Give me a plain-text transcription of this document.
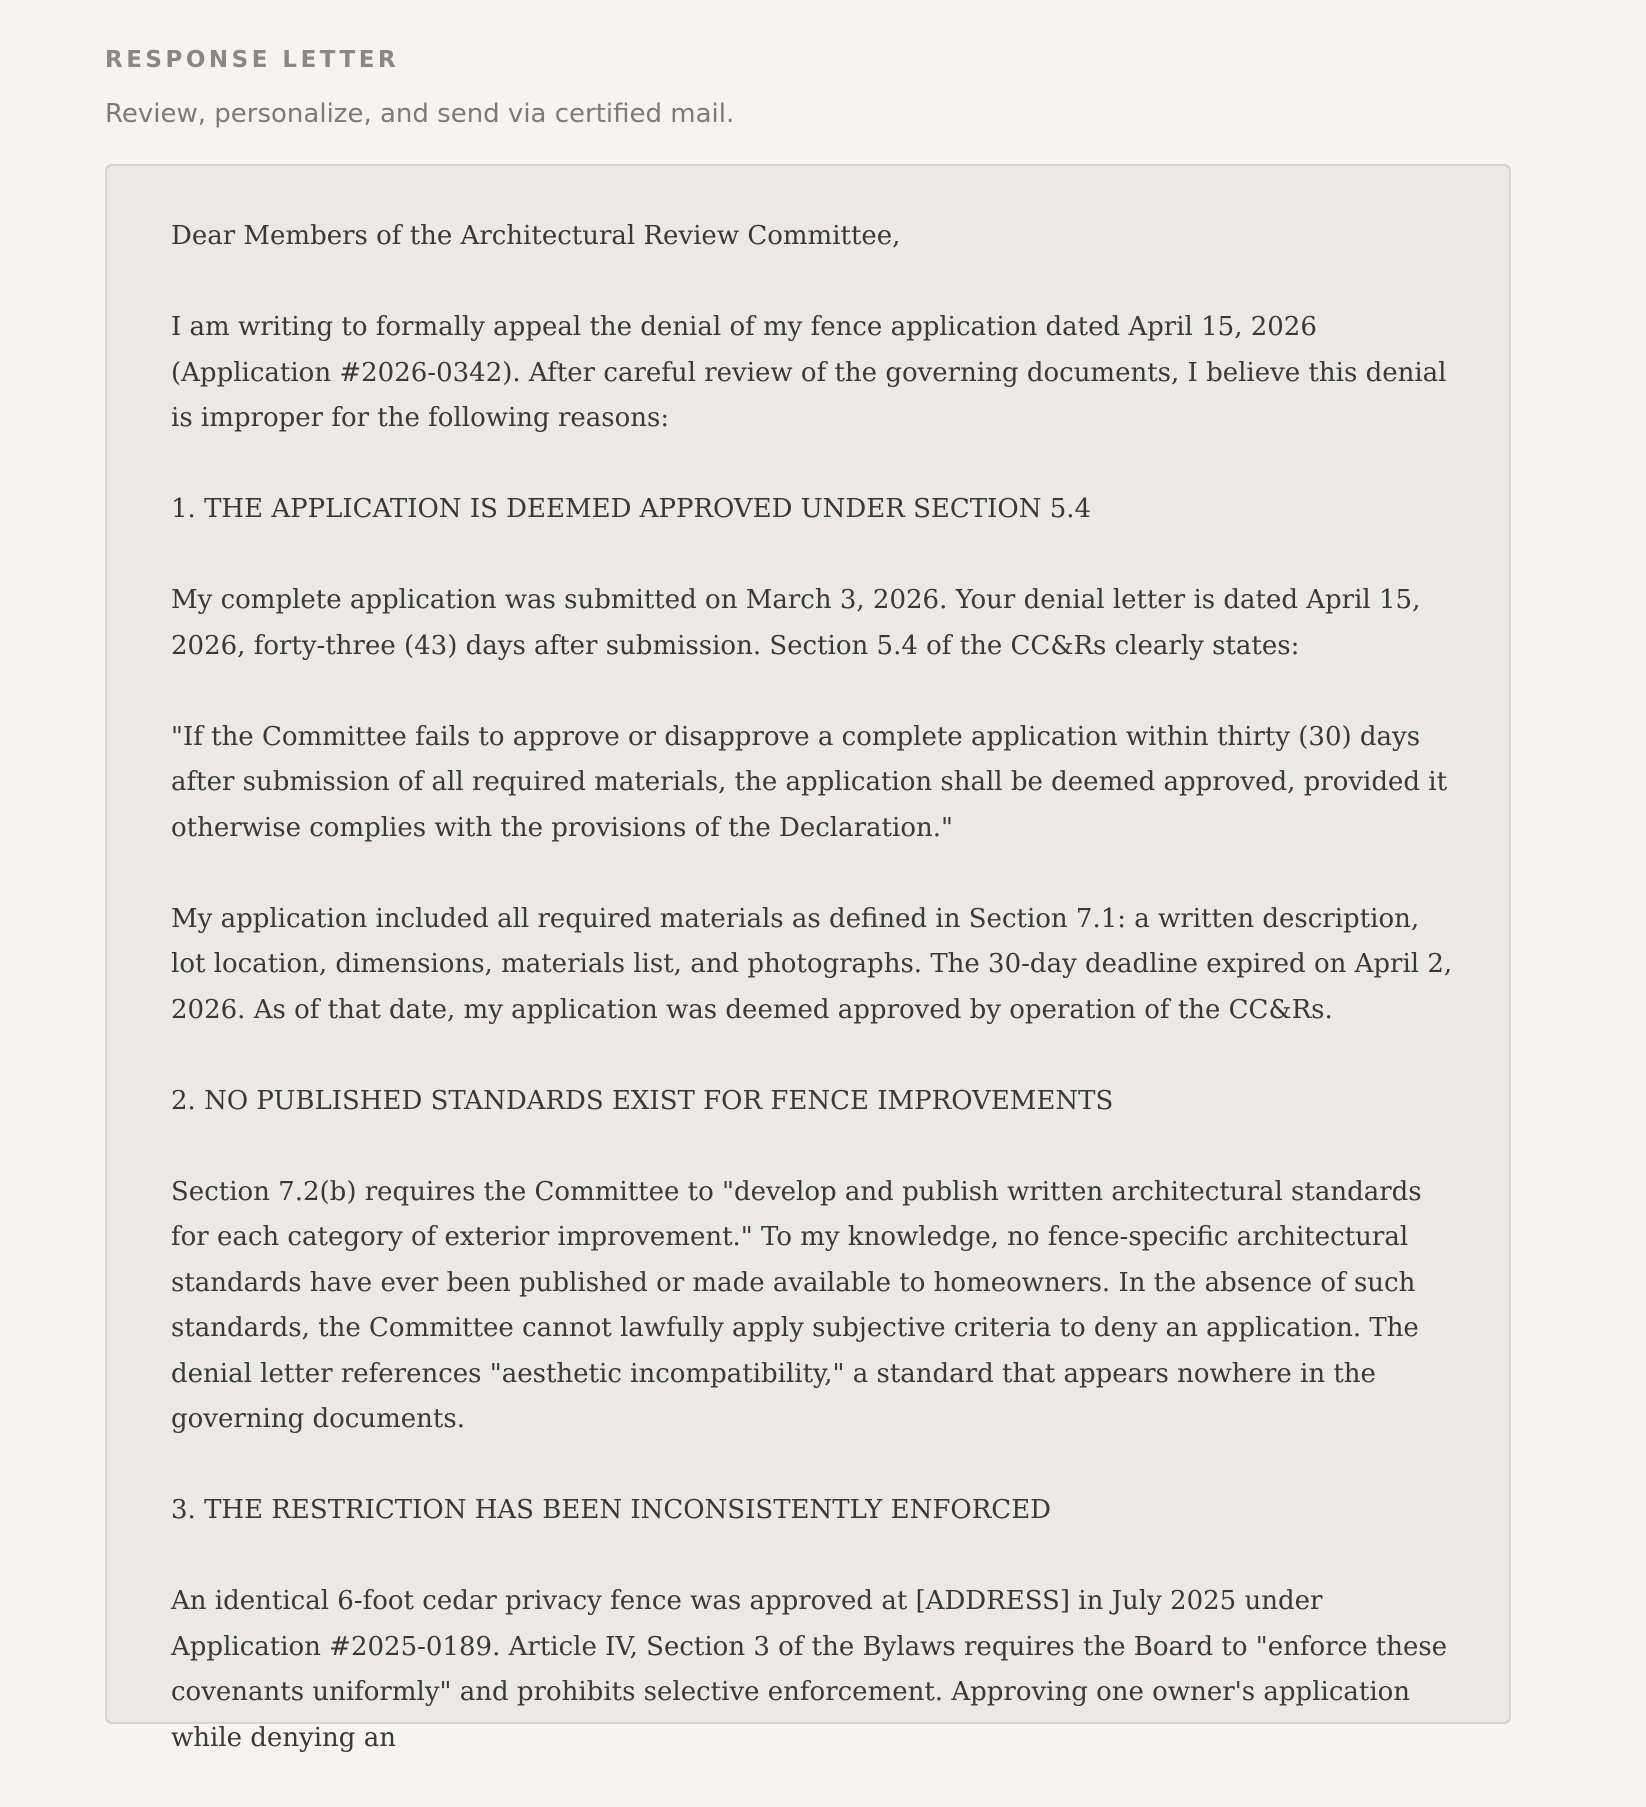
RESPONSE LETTER

Review, personalize, and send via certified mail.

Dear Members of the Architectural Review Committee,

I am writing to formally appeal the denial of my fence application dated April 15, 2026 (Application #2026-0342). After careful review of the governing documents, I believe this denial is improper for the following reasons:

1. THE APPLICATION IS DEEMED APPROVED UNDER SECTION 5.4

My complete application was submitted on March 3, 2026. Your denial letter is dated April 15, 2026, forty-three (43) days after submission. Section 5.4 of the CC&Rs clearly states:

"If the Committee fails to approve or disapprove a complete application within thirty (30) days after submission of all required materials, the application shall be deemed approved, provided it otherwise complies with the provisions of the Declaration."

My application included all required materials as defined in Section 7.1: a written description, lot location, dimensions, materials list, and photographs. The 30-day deadline expired on April 2, 2026. As of that date, my application was deemed approved by operation of the CC&Rs.

2. NO PUBLISHED STANDARDS EXIST FOR FENCE IMPROVEMENTS

Section 7.2(b) requires the Committee to "develop and publish written architectural standards for each category of exterior improvement." To my knowledge, no fence-specific architectural standards have ever been published or made available to homeowners. In the absence of such standards, the Committee cannot lawfully apply subjective criteria to deny an application. The denial letter references "aesthetic incompatibility," a standard that appears nowhere in the governing documents.

3. THE RESTRICTION HAS BEEN INCONSISTENTLY ENFORCED

An identical 6-foot cedar privacy fence was approved at [ADDRESS] in July 2025 under Application #2025-0189. Article IV, Section 3 of the Bylaws requires the Board to "enforce these covenants uniformly" and prohibits selective enforcement. Approving one owner's application while denying an
